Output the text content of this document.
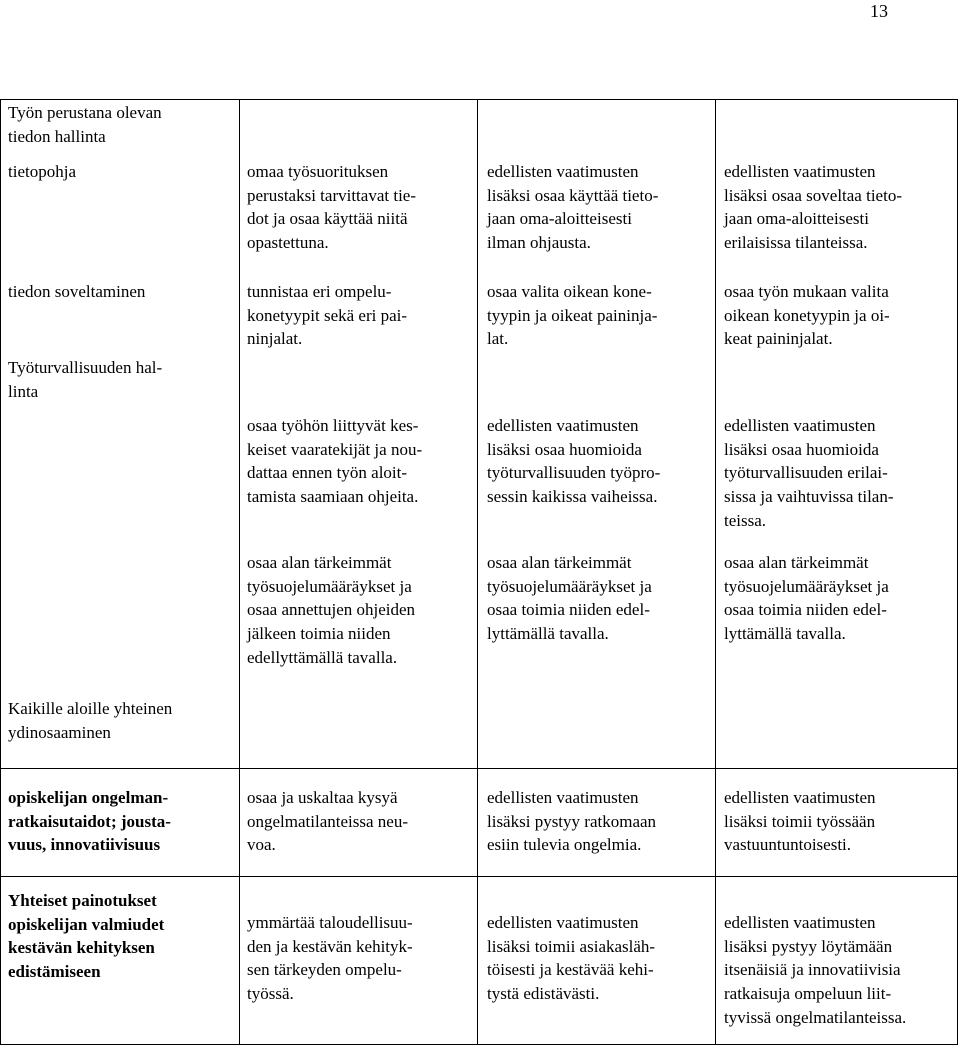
13

Työn perustana olevan
tiedon hallinta

tietopohja	omaa työsuorituksen
perustaksi tarvittavat tie-
dot ja osaa käyttää niitä
opastettuna.

edellisten vaatimusten
lisäksi osaa käyttää tieto-
jaan oma-aloitteisesti
ilman ohjausta.

edellisten vaatimusten
lisäksi osaa soveltaa tieto-
jaan oma-aloitteisesti
erilaisissa tilanteissa.

tiedon soveltaminen	tunnistaa eri ompelu-
konetyypit sekä eri pai-
ninjalat.

osaa valita oikean kone-
tyypin ja oikeat paininja-
lat.

osaa työn mukaan valita
oikean konetyypin ja oi-
keat paininjalat.

Työturvallisuuden hal-
linta

osaa työhön liittyvät kes-
keiset vaaratekijät ja nou-
dattaa ennen työn aloit-
tamista saamiaan ohjeita.

edellisten vaatimusten
lisäksi osaa huomioida
työturvallisuuden työpro-
sessin kaikissa vaiheissa.

edellisten vaatimusten
lisäksi osaa huomioida
työturvallisuuden erilai-
sissa ja vaihtuvissa tilan-
teissa.

osaa alan tärkeimmät
työsuojelumääräykset ja
osaa annettujen ohjeiden
jälkeen toimia niiden
edellyttämällä tavalla.

osaa alan tärkeimmät
työsuojelumääräykset ja
osaa toimia niiden edel-
lyttämällä tavalla.

osaa alan tärkeimmät
työsuojelumääräykset ja
osaa toimia niiden edel-
lyttämällä tavalla.

Kaikille aloille yhteinen
ydinosaaminen

opiskelijan ongelman-
ratkaisutaidot; jousta-
vuus, innovatiivisuus

osaa ja uskaltaa kysyä
ongelmatilanteissa neu-
voa.

edellisten vaatimusten
lisäksi pystyy ratkomaan
esiin tulevia ongelmia.

edellisten vaatimusten
lisäksi toimii työssään
vastuuntuntoisesti.

Yhteiset painotukset
opiskelijan valmiudet
kestävän kehityksen
edistämiseen

ymmärtää taloudellisuu-
den ja kestävän kehityk-
sen tärkeyden ompelu-
työssä.

edellisten vaatimusten
lisäksi toimii asiakasläh-
töisesti ja kestävää kehi-
tystä edistävästi.

edellisten vaatimusten
lisäksi pystyy löytämään
itsenäisiä ja innovatiivisia
ratkaisuja ompeluun liit-
tyvissä ongelmatilanteissa.
